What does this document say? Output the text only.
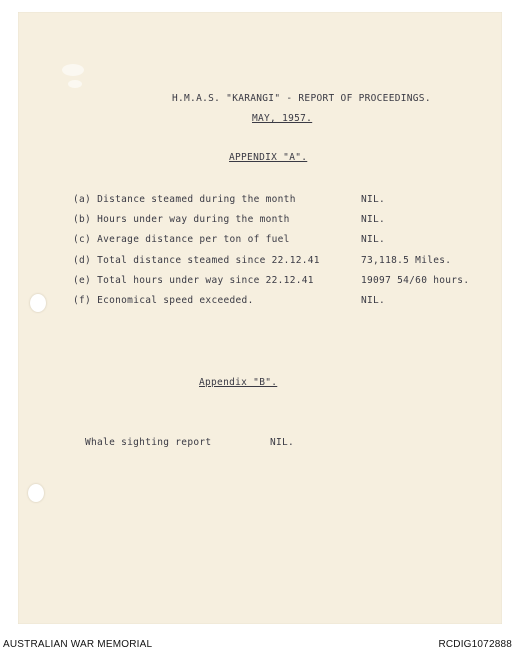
H.M.A.S. "KARANGI" - REPORT OF PROCEEDINGS.
MAY, 1957.
APPENDIX "A".
(a) Distance steamed during the month	NIL.
(b) Hours under way during the month	NIL.
(c) Average distance per ton of fuel	NIL.
(d) Total distance steamed since 22.12.41	73,118.5 Miles.
(e) Total hours under way since 22.12.41	19097 54/60 hours.
(f) Economical speed exceeded.	NIL.
Appendix "B".
Whale sighting report	NIL.
AUSTRALIAN WAR MEMORIAL	RCDIG1072888
